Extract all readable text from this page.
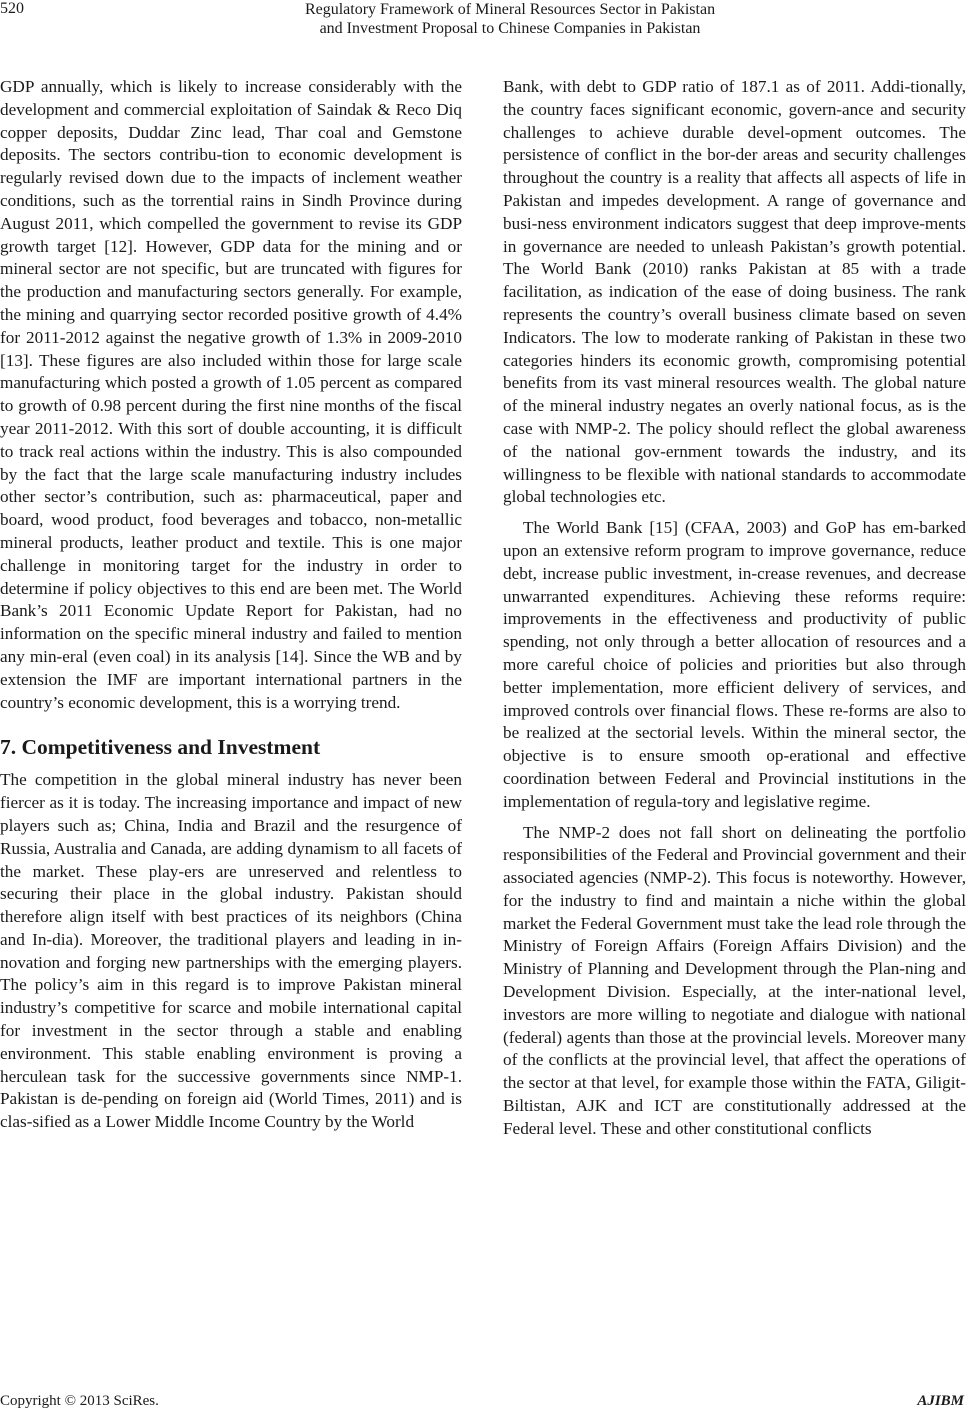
520	Regulatory Framework of Mineral Resources Sector in Pakistan
and Investment Proposal to Chinese Companies in Pakistan

GDP annually, which is likely to increase considerably with the development and commercial exploitation of Saindak & Reco Diq copper deposits, Duddar Zinc lead, Thar coal and Gemstone deposits. The sectors contribu-tion to economic development is regularly revised down due to the impacts of inclement weather conditions, such as the torrential rains in Sindh Province during August 2011, which compelled the government to revise its GDP growth target [12]. However, GDP data for the mining and or mineral sector are not specific, but are truncated with figures for the production and manufacturing sectors generally. For example, the mining and quarrying sector recorded positive growth of 4.4% for 2011-2012 against the negative growth of 1.3% in 2009-2010 [13]. These figures are also included within those for large scale manufacturing which posted a growth of 1.05 percent as compared to growth of 0.98 percent during the first nine months of the fiscal year 2011-2012. With this sort of double accounting, it is difficult to track real actions within the industry. This is also compounded by the fact that the large scale manufacturing industry includes other sector’s contribution, such as: pharmaceutical, paper and board, wood product, food beverages and tobacco, non-metallic mineral products, leather product and textile. This is one major challenge in monitoring target for the industry in order to determine if policy objectives to this end are been met. The World Bank’s 2011 Economic Update Report for Pakistan, had no information on the specific mineral industry and failed to mention any min-eral (even coal) in its analysis [14]. Since the WB and by extension the IMF are important international partners in the country’s economic development, this is a worrying trend.

7. Competitiveness and Investment

The competition in the global mineral industry has never been fiercer as it is today. The increasing importance and impact of new players such as; China, India and Brazil and the resurgence of Russia, Australia and Canada, are adding dynamism to all facets of the market. These play-ers are unreserved and relentless to securing their place in the global industry. Pakistan should therefore align itself with best practices of its neighbors (China and In-dia). Moreover, the traditional players and leading in in-novation and forging new partnerships with the emerging players. The policy’s aim in this regard is to improve Pakistan mineral industry’s competitive for scarce and mobile international capital for investment in the sector through a stable and enabling environment. This stable enabling environment is proving a herculean task for the successive governments since NMP-1. Pakistan is de-pending on foreign aid (World Times, 2011) and is clas-sified as a Lower Middle Income Country by the World

Bank, with debt to GDP ratio of 187.1 as of 2011. Addi-tionally, the country faces significant economic, govern-ance and security challenges to achieve durable devel-opment outcomes. The persistence of conflict in the bor-der areas and security challenges throughout the country is a reality that affects all aspects of life in Pakistan and impedes development. A range of governance and busi-ness environment indicators suggest that deep improve-ments in governance are needed to unleash Pakistan’s growth potential. The World Bank (2010) ranks Pakistan at 85 with a trade facilitation, as indication of the ease of doing business. The rank represents the country’s overall business climate based on seven Indicators. The low to moderate ranking of Pakistan in these two categories hinders its economic growth, compromising potential benefits from its vast mineral resources wealth. The global nature of the mineral industry negates an overly national focus, as is the case with NMP-2. The policy should reflect the global awareness of the national gov-ernment towards the industry, and its willingness to be flexible with national standards to accommodate global technologies etc.

The World Bank [15] (CFAA, 2003) and GoP has em-barked upon an extensive reform program to improve governance, reduce debt, increase public investment, in-crease revenues, and decrease unwarranted expenditures. Achieving these reforms require: improvements in the effectiveness and productivity of public spending, not only through a better allocation of resources and a more careful choice of policies and priorities but also through better implementation, more efficient delivery of services, and improved controls over financial flows. These re-forms are also to be realized at the sectorial levels. Within the mineral sector, the objective is to ensure smooth op-erational and effective coordination between Federal and Provincial institutions in the implementation of regula-tory and legislative regime.

The NMP-2 does not fall short on delineating the portfolio responsibilities of the Federal and Provincial government and their associated agencies (NMP-2). This focus is noteworthy. However, for the industry to find and maintain a niche within the global market the Federal Government must take the lead role through the Ministry of Foreign Affairs (Foreign Affairs Division) and the Ministry of Planning and Development through the Plan-ning and Development Division. Especially, at the inter-national level, investors are more willing to negotiate and dialogue with national (federal) agents than those at the provincial levels. Moreover many of the conflicts at the provincial level, that affect the operations of the sector at that level, for example those within the FATA, Giligit-Biltistan, AJK and ICT are constitutionally addressed at the Federal level. These and other constitutional conflicts

Copyright © 2013 SciRes.	AJIBM
